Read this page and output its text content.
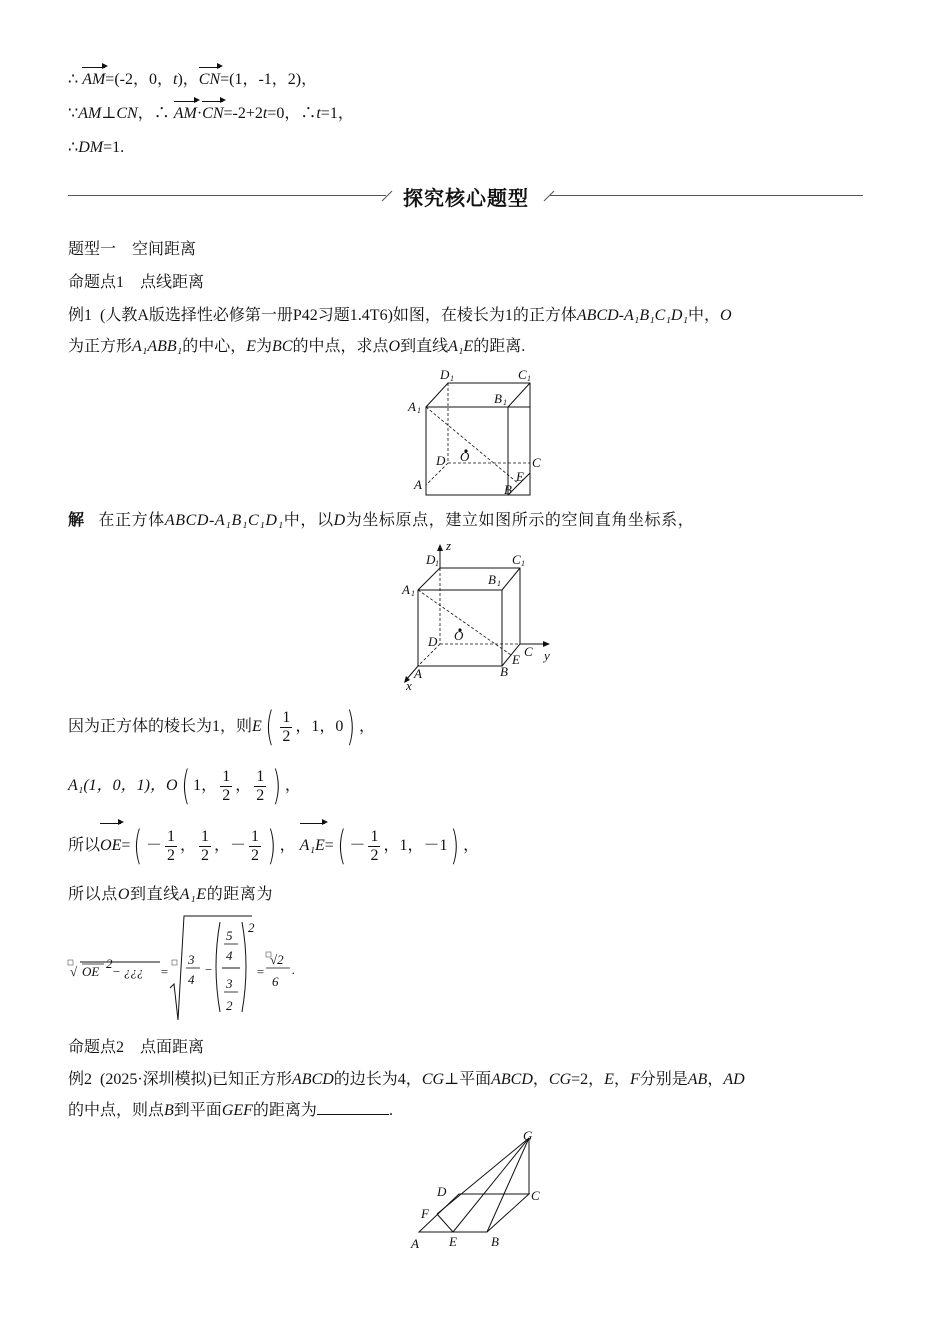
∴ AM=(-2，0，t)，CN=(1，-1，2)，
∵AM⊥CN，∴ AM·CN=-2+2t=0，∴t=1，
∴DM=1.
探究核心题型
题型一　空间距离
命题点1　点线距离
例1 (人教A版选择性必修第一册P42习题1.4T6)如图，在棱长为1的正方体ABCD-A₁B₁C₁D₁中，O
为正方形A₁ABB₁的中心，E为BC的中点，求点O到直线A₁E的距离.
D 1	C 1
A 1
B 1
O
D	C
A
E
B
解 在正方体ABCD-A₁B₁C₁D₁中，以D为坐标原点，建立如图所示的空间直角坐标系，
z
D 1	C 1
A 1
B 1
O
D
C y
A
E
B
x
因为正方体的棱长为1，则$E( \frac{1}{2}$ ，1，0) ，
A₁(1，0，1)，O( 1， $\frac{1}{2}$ ， $\frac{1}{2}$ ) ，
所以$OE=( - \frac{1}{2}$ ， $\frac{1}{2}$ ，－ $\frac{1}{2}$ ) ， $A_1E=( - \frac{1}{2}$ ，1，－1) ，
所以点O到直线A₁E的距离为
√ OE
2
− ¿¿¿ =
3
4
−
5
4
3
2
2
=
√2
6
.
命题点2　点面距离
例2 (2025·深圳模拟)已知正方形ABCD的边长为4，CG⊥平面ABCD，CG=2，E，F分别是AB，AD
的中点，则点B到平面GEF的距离为	.
G
D	C
F
A E	B
